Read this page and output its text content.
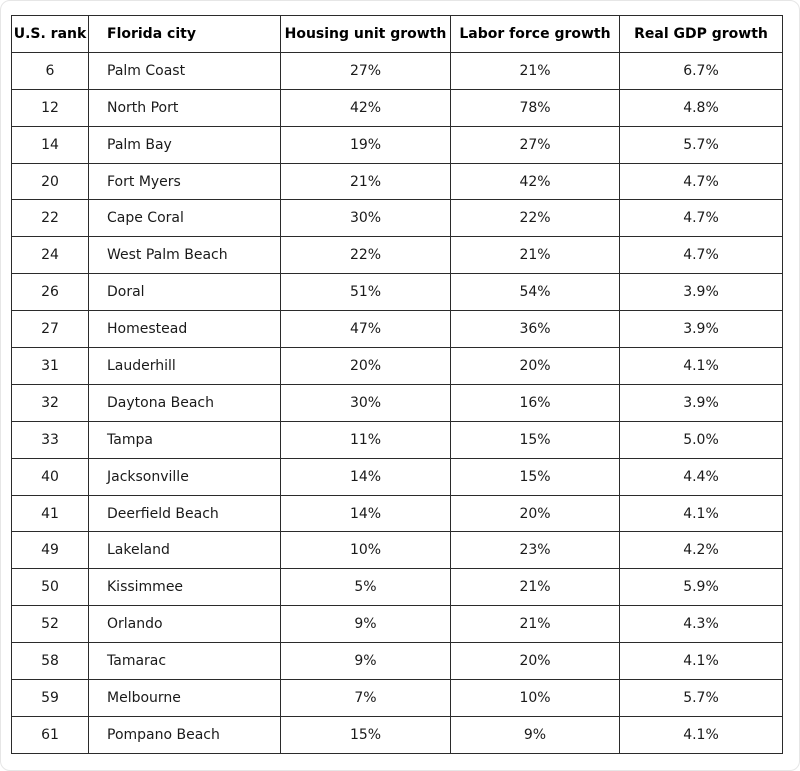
U.S. rank	Florida city	Housing unit growth	Labor force growth	Real GDP growth
6	Palm Coast	27%	21%	6.7%
12	North Port	42%	78%	4.8%
14	Palm Bay	19%	27%	5.7%
20	Fort Myers	21%	42%	4.7%
22	Cape Coral	30%	22%	4.7%
24	West Palm Beach	22%	21%	4.7%
26	Doral	51%	54%	3.9%
27	Homestead	47%	36%	3.9%
31	Lauderhill	20%	20%	4.1%
32	Daytona Beach	30%	16%	3.9%
33	Tampa	11%	15%	5.0%
40	Jacksonville	14%	15%	4.4%
41	Deerfield Beach	14%	20%	4.1%
49	Lakeland	10%	23%	4.2%
50	Kissimmee	5%	21%	5.9%
52	Orlando	9%	21%	4.3%
58	Tamarac	9%	20%	4.1%
59	Melbourne	7%	10%	5.7%
61	Pompano Beach	15%	9%	4.1%
